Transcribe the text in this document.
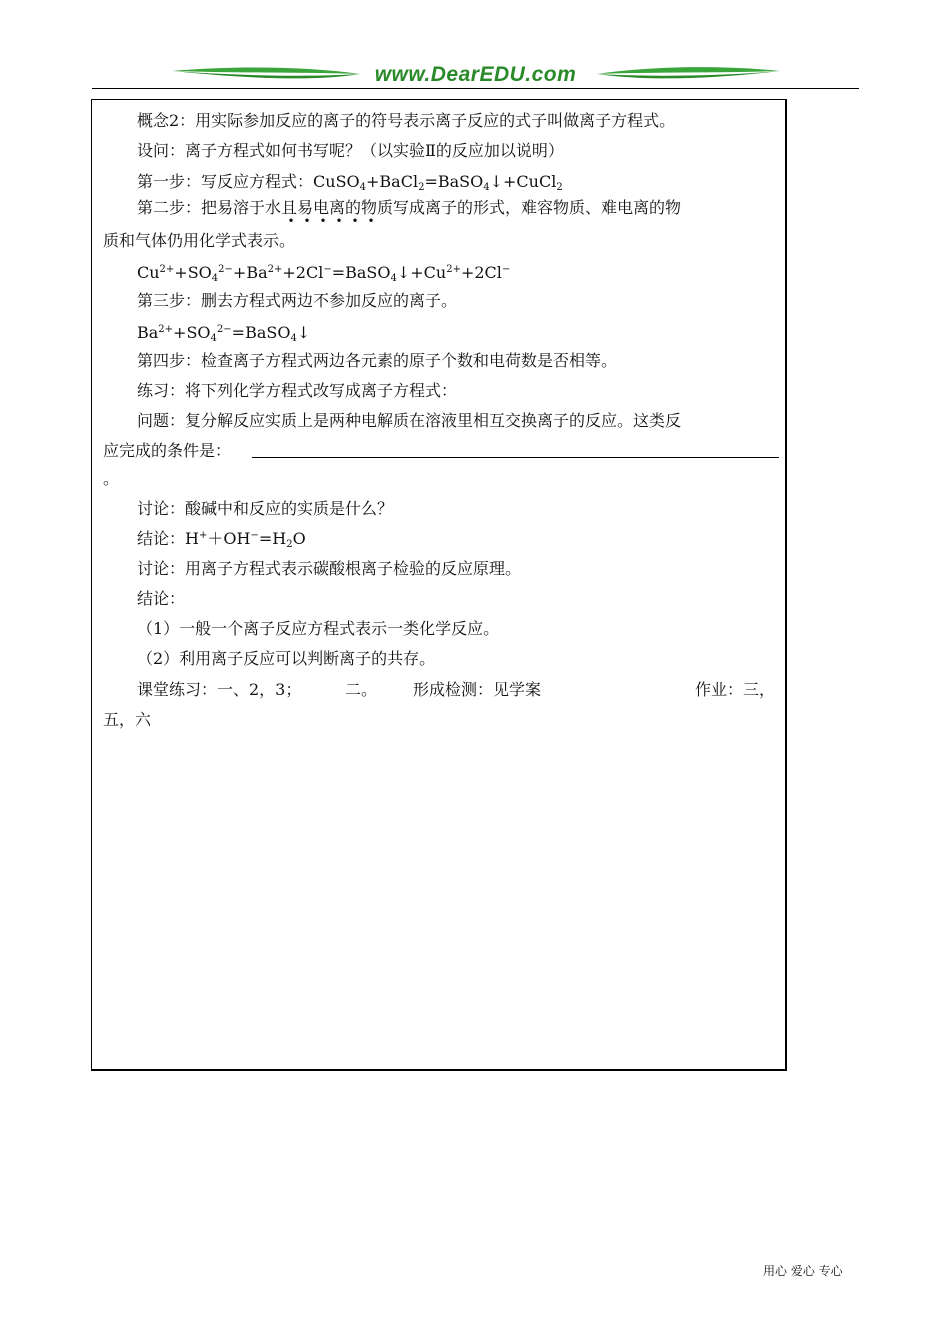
www.DearEDU.com
概念2：用实际参加反应的离子的符号表示离子反应的式子叫做离子方程式。
设问：离子方程式如何书写呢？（以实验Ⅱ的反应加以说明）
第一步：写反应方程式：CuSO$_4$+BaCl$_2$=BaSO$_4$↓+CuCl$_2$
第二步：把易溶于水且易电离的物质写成离子的形式，难容物质、难电离的物
• • • • • •
质和气体仍用化学式表示。
$Cu^{2+}+SO_4^{2-}+Ba^{2+}+2Cl^-=BaSO_4↓+Cu^{2+}+2Cl^-$
第三步：删去方程式两边不参加反应的离子。
$Ba^{2+}+SO_4^{2-}=BaSO_4↓$
第四步：检查离子方程式两边各元素的原子个数和电荷数是否相等。
练习：将下列化学方程式改写成离子方程式：
问题：复分解反应实质上是两种电解质在溶液里相互交换离子的反应。这类反
应完成的条件是：
。
讨论：酸碱中和反应的实质是什么？
结论：$H^++OH^-=H_2O$
讨论：用离子方程式表示碳酸根离子检验的反应原理。
结论：
（1）一般一个离子反应方程式表示一类化学反应。
（2）利用离子反应可以判断离子的共存。
课堂练习：一、2，3；	二。 形成检测：见学案	作业：三，
五，六
用心 爱心 专心
